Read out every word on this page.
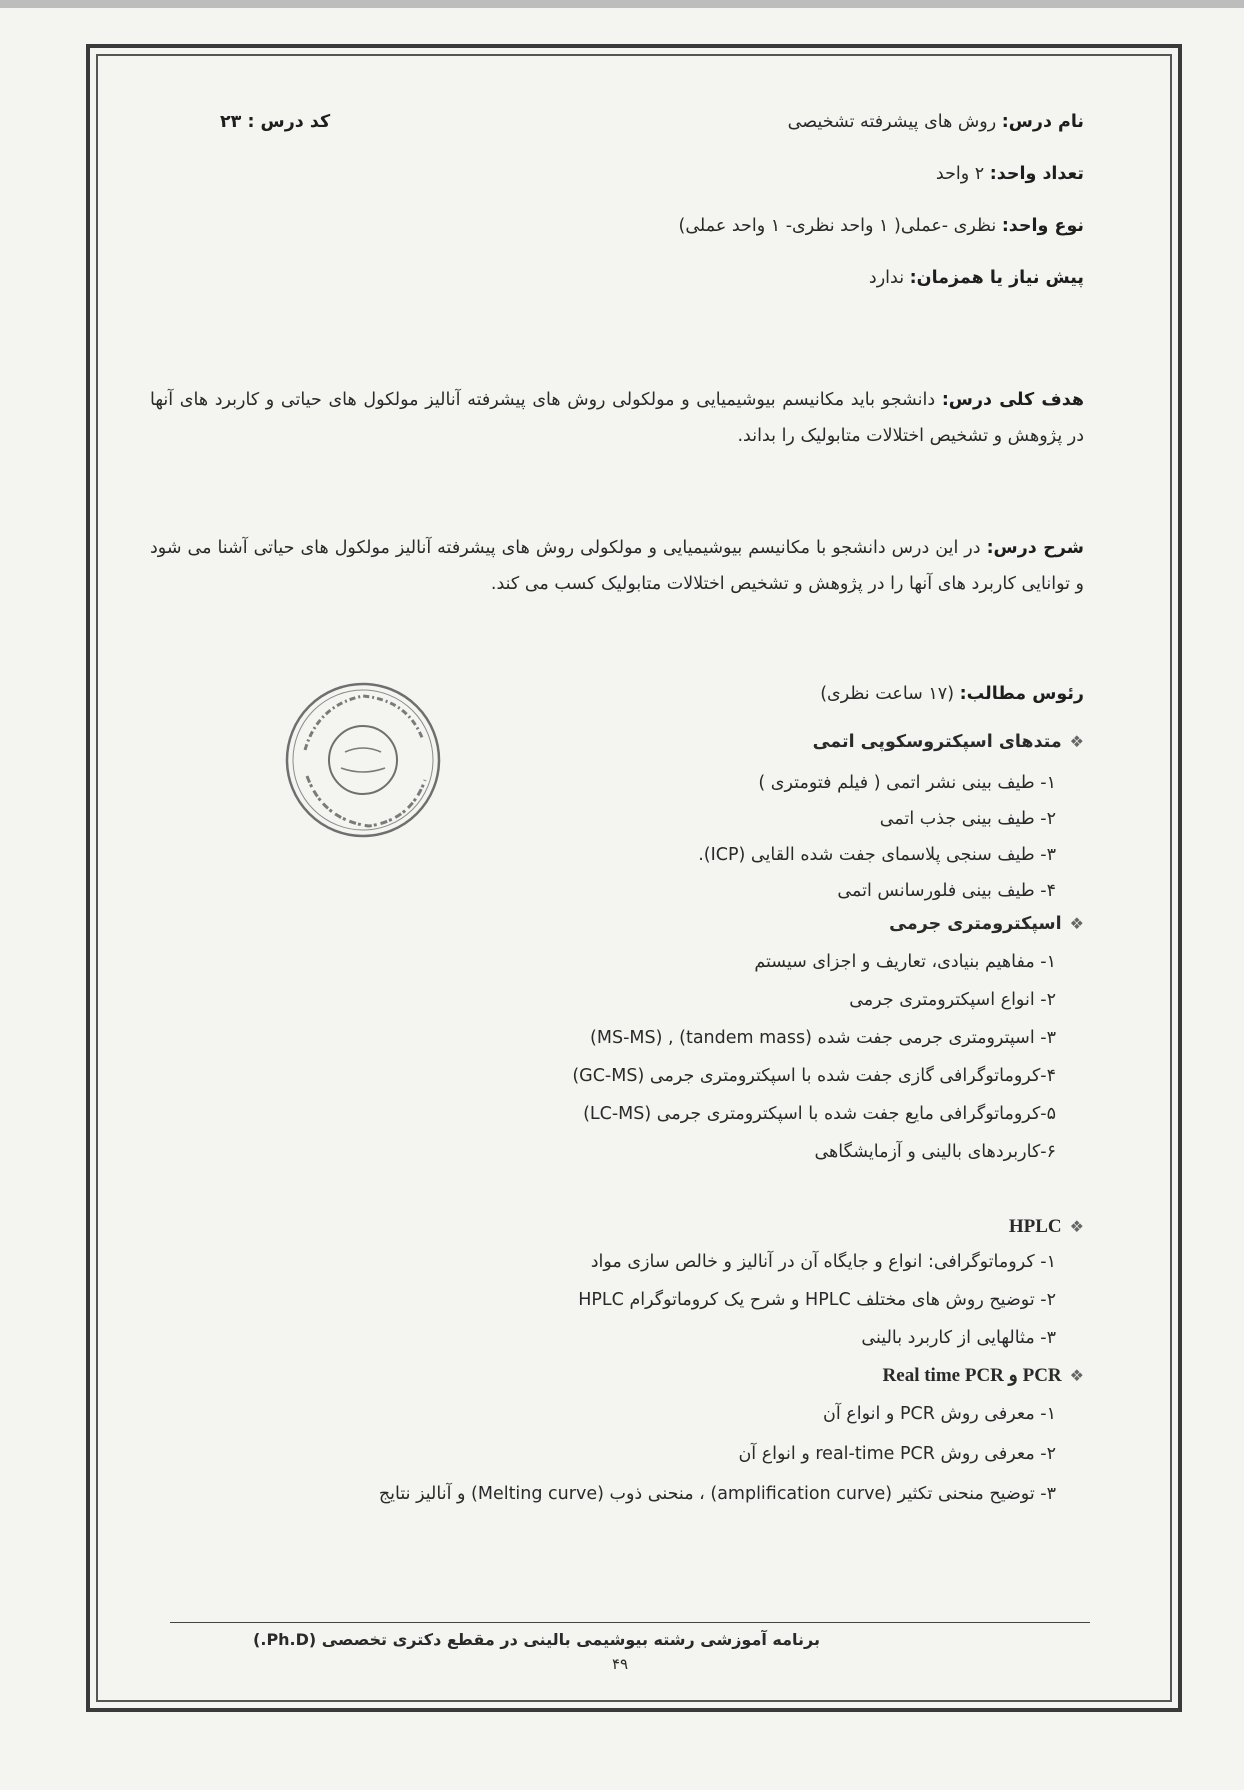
نام درس: روش های پیشرفته تشخیصی
کد درس : ۲۳
تعداد واحد: ۲ واحد
نوع واحد: نظری -عملی( ۱ واحد نظری- ۱ واحد عملی)
پیش نیاز یا همزمان: ندارد
هدف کلی درس: دانشجو باید مکانیسم بیوشیمیایی و مولکولی روش های پیشرفته آنالیز مولکول های حیاتی و کاربرد های آنها در پژوهش و تشخیص اختلالات متابولیک را بداند.
شرح درس: در این درس دانشجو با مکانیسم بیوشیمیایی و مولکولی روش های پیشرفته آنالیز مولکول های حیاتی آشنا می شود و توانایی کاربرد های آنها را در پژوهش و تشخیص اختلالات متابولیک کسب می کند.
رئوس مطالب: (۱۷ ساعت نظری)
❖متدهای اسپکتروسکوپی اتمی
۱- طیف بینی نشر اتمی ( فیلم فتومتری )
۲- طیف بینی جذب اتمی
۳- طیف سنجی پلاسمای جفت شده القایی (ICP).
۴- طیف بینی فلورسانس اتمی
❖اسپکترومتری جرمی
۱- مفاهیم بنیادی، تعاریف و اجزای سیستم
۲- انواع اسپکترومتری جرمی
۳- اسپترومتری جرمی جفت شده (tandem mass) , (MS-MS)
۴-کروماتوگرافی گازی جفت شده با اسپکترومتری جرمی (GC-MS)
۵-کروماتوگرافی مایع جفت شده با اسپکترومتری جرمی (LC-MS)
۶-کاربردهای بالینی و آزمایشگاهی
❖HPLC
۱- کروماتوگرافی: انواع و جایگاه آن در آنالیز و خالص سازی مواد
۲- توضیح روش های مختلف HPLC و شرح یک کروماتوگرام HPLC
۳- مثالهایی از کاربرد بالینی
❖PCR و Real time PCR
۱- معرفی روش PCR و انواع آن
۲- معرفی روش real-time PCR و انواع آن
۳- توضیح منحنی تکثیر (amplification curve) ، منحنی ذوب (Melting curve) و آنالیز نتایج
برنامه آموزشی رشته بیوشیمی بالینی در مقطع دکتری تخصصی (Ph.D.)
۴۹
